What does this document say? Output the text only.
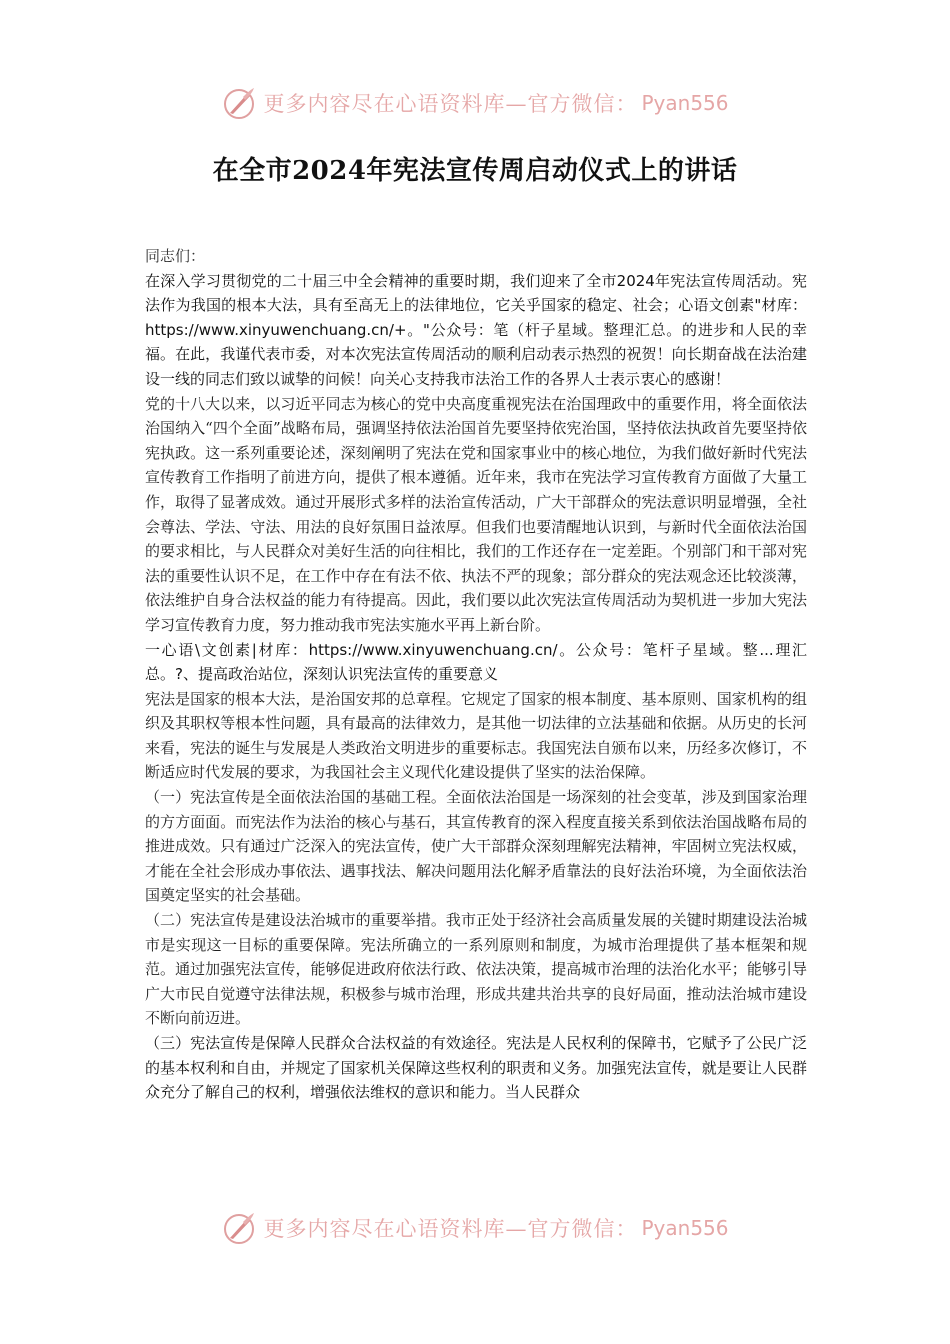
更多内容尽在心语资料库—官方微信： Pyan556
在全市2024年宪法宣传周启动仪式上的讲话

同志们：

在深入学习贯彻党的二十届三中全会精神的重要时期，我们迎来了全市2024年宪法宣传周活动。宪法作为我国的根本大法，具有至高无上的法律地位，它关乎国家的稳定、社会；心语文创素"材库：https://www.xinyuwenchuang.cn/+。"公众号：笔（杆子星域。整理汇总。的进步和人民的幸福。在此，我谨代表市委，对本次宪法宣传周活动的顺利启动表示热烈的祝贺！向长期奋战在法治建设一线的同志们致以诚挚的问候！向关心支持我市法治工作的各界人士表示衷心的感谢！

党的十八大以来，以习近平同志为核心的党中央高度重视宪法在治国理政中的重要作用，将全面依法治国纳入“四个全面”战略布局，强调坚持依法治国首先要坚持依宪治国，坚持依法执政首先要坚持依宪执政。这一系列重要论述，深刻阐明了宪法在党和国家事业中的核心地位，为我们做好新时代宪法宣传教育工作指明了前进方向，提供了根本遵循。近年来，我市在宪法学习宣传教育方面做了大量工作，取得了显著成效。通过开展形式多样的法治宣传活动，广大干部群众的宪法意识明显增强，全社会尊法、学法、守法、用法的良好氛围日益浓厚。但我们也要清醒地认识到，与新时代全面依法治国的要求相比，与人民群众对美好生活的向往相比，我们的工作还存在一定差距。个别部门和干部对宪法的重要性认识不足，在工作中存在有法不依、执法不严的现象；部分群众的宪法观念还比较淡薄，依法维护自身合法权益的能力有待提高。因此，我们要以此次宪法宣传周活动为契机进一步加大宪法学习宣传教育力度，努力推动我市宪法实施水平再上新台阶。

一心语\文创素|材库：https://www.xinyuwenchuang.cn/。公众号：笔杆子星域。整...理汇总。?、提高政治站位，深刻认识宪法宣传的重要意义

宪法是国家的根本大法，是治国安邦的总章程。它规定了国家的根本制度、基本原则、国家机构的组织及其职权等根本性问题，具有最高的法律效力，是其他一切法律的立法基础和依据。从历史的长河来看，宪法的诞生与发展是人类政治文明进步的重要标志。我国宪法自颁布以来，历经多次修订，不断适应时代发展的要求，为我国社会主义现代化建设提供了坚实的法治保障。

（一）宪法宣传是全面依法治国的基础工程。全面依法治国是一场深刻的社会变革，涉及到国家治理的方方面面。而宪法作为法治的核心与基石，其宣传教育的深入程度直接关系到依法治国战略布局的推进成效。只有通过广泛深入的宪法宣传，使广大干部群众深刻理解宪法精神，牢固树立宪法权威，才能在全社会形成办事依法、遇事找法、解决问题用法化解矛盾靠法的良好法治环境，为全面依法治国奠定坚实的社会基础。

（二）宪法宣传是建设法治城市的重要举措。我市正处于经济社会高质量发展的关键时期建设法治城市是实现这一目标的重要保障。宪法所确立的一系列原则和制度，为城市治理提供了基本框架和规范。通过加强宪法宣传，能够促进政府依法行政、依法决策，提高城市治理的法治化水平；能够引导广大市民自觉遵守法律法规，积极参与城市治理，形成共建共治共享的良好局面，推动法治城市建设不断向前迈进。

（三）宪法宣传是保障人民群众合法权益的有效途径。宪法是人民权利的保障书，它赋予了公民广泛的基本权利和自由，并规定了国家机关保障这些权利的职责和义务。加强宪法宣传，就是要让人民群众充分了解自己的权利，增强依法维权的意识和能力。当人民群众

更多内容尽在心语资料库—官方微信： Pyan556
